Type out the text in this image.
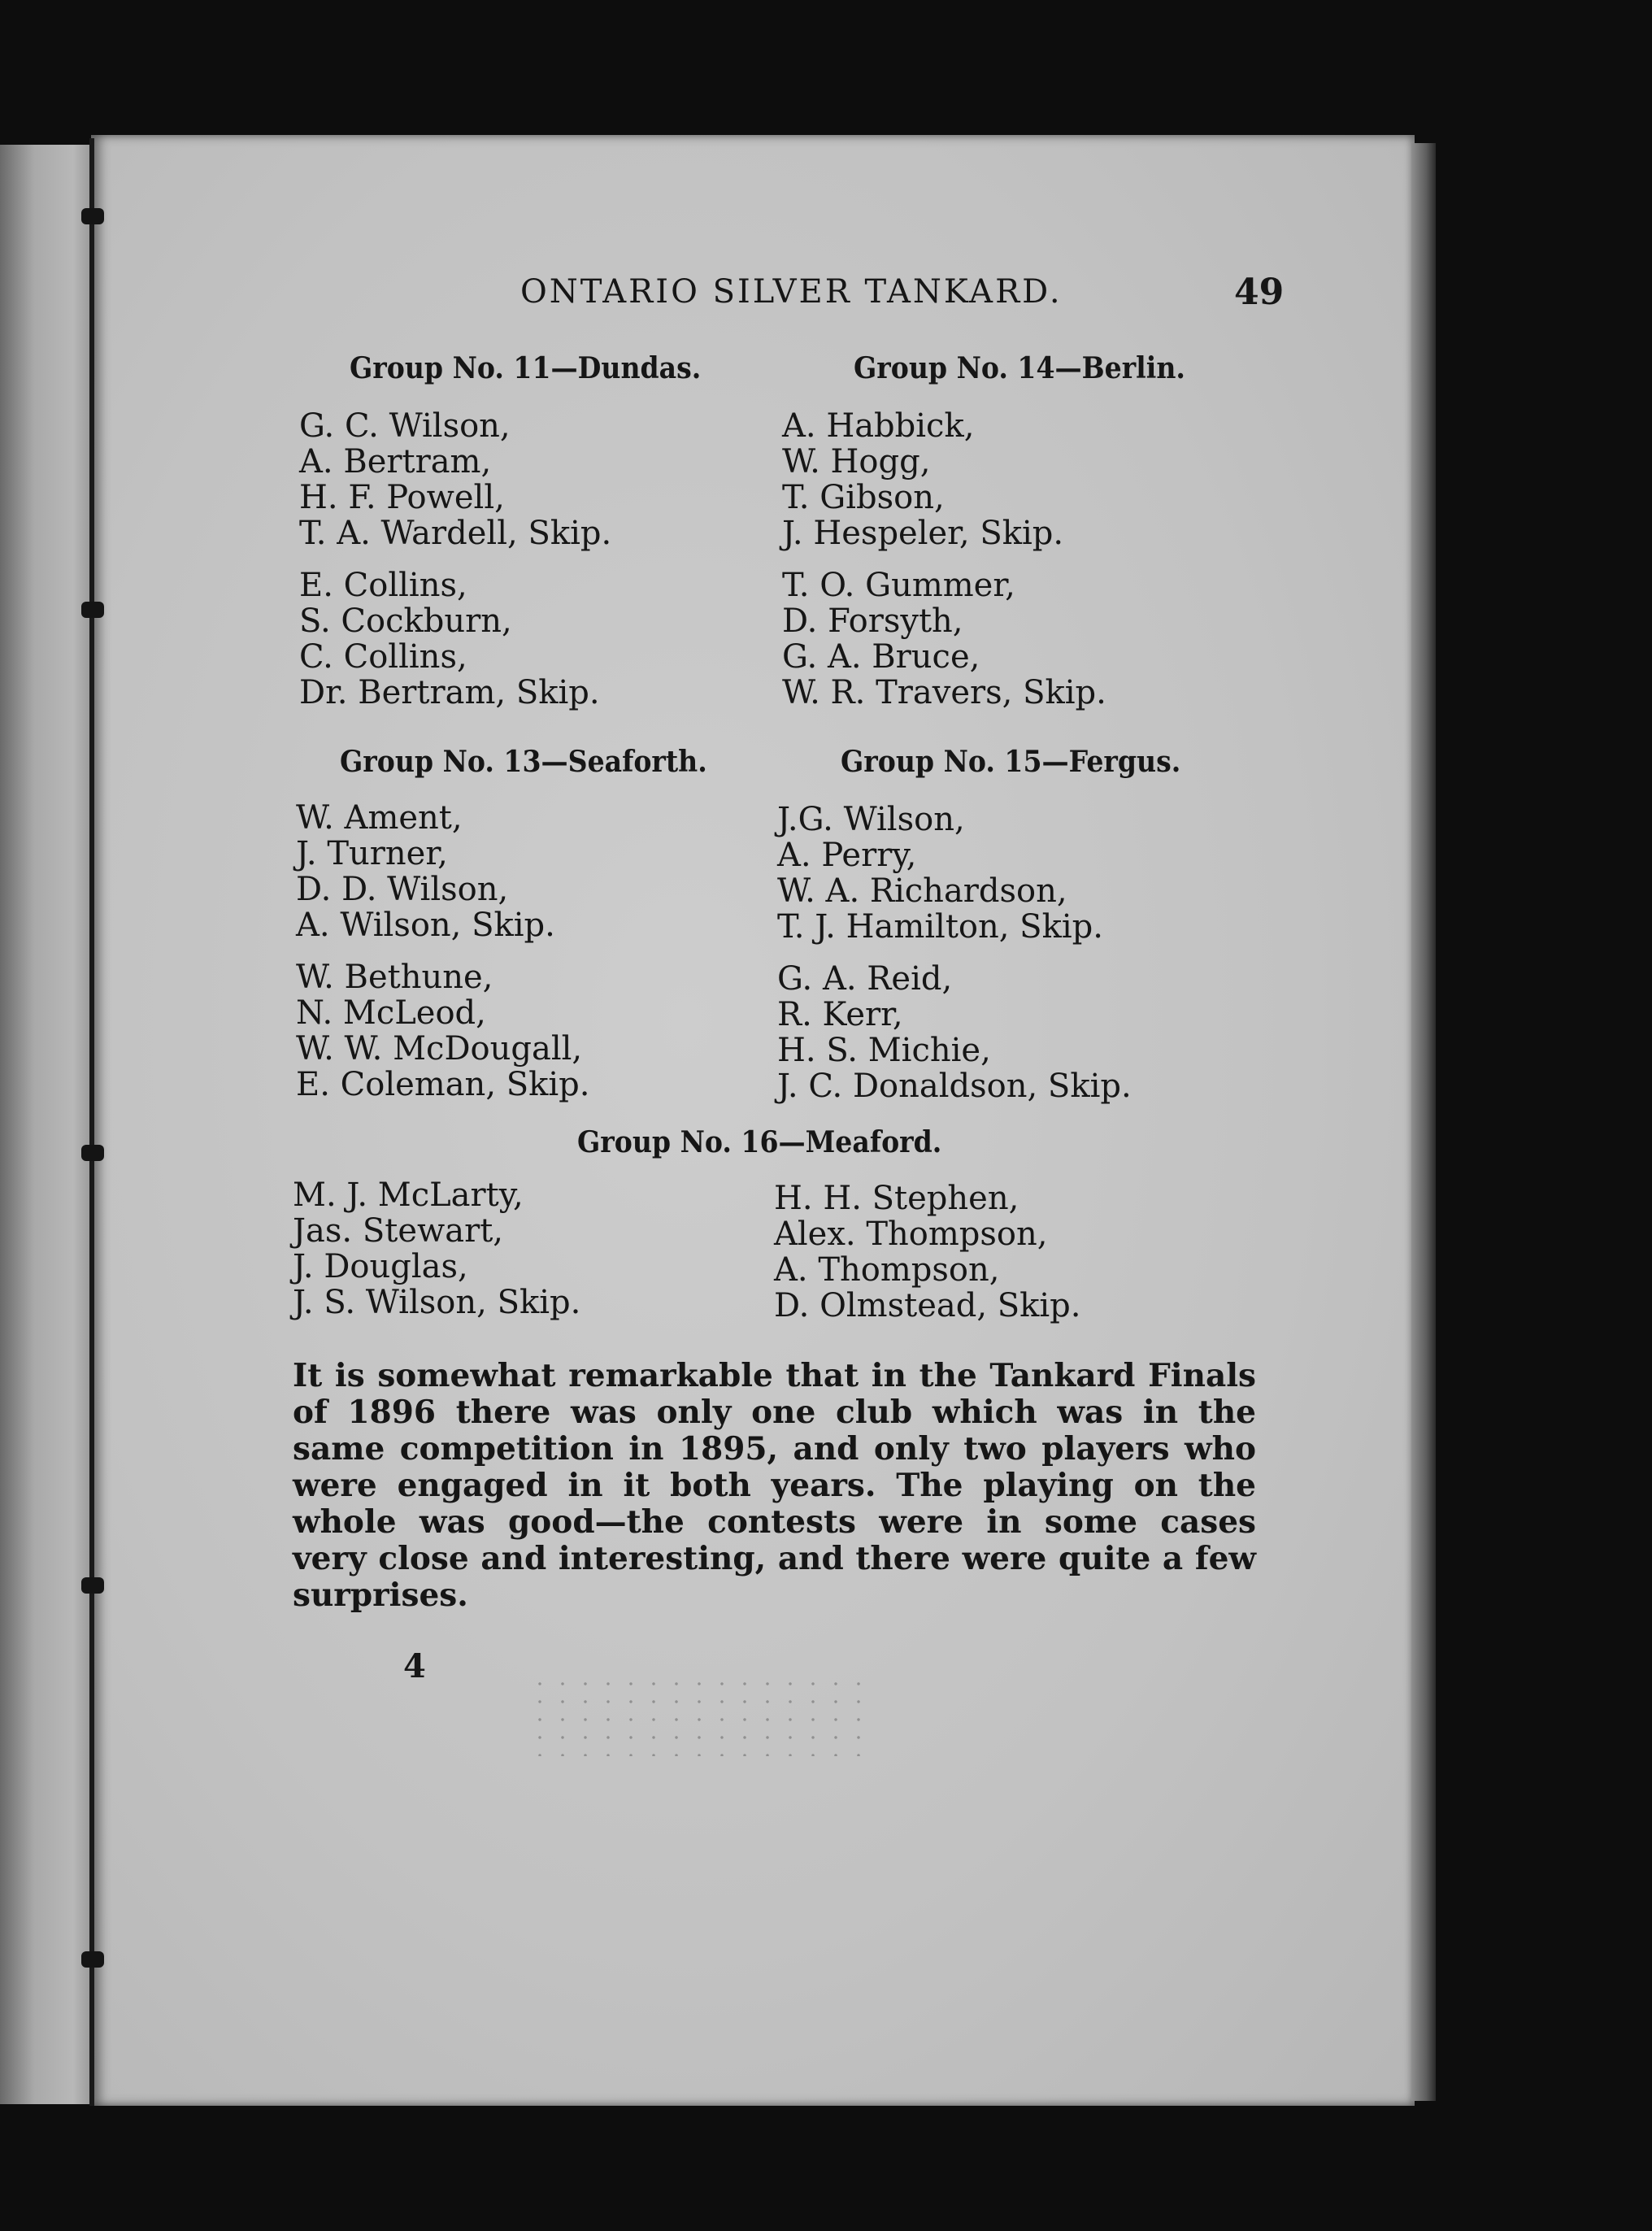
ONTARIO SILVER TANKARD.	49
Group No. 11—Dundas.
G. C. Wilson,
A. Bertram,
H. F. Powell,
T. A. Wardell, Skip.
E. Collins,
S. Cockburn,
C. Collins,
Dr. Bertram, Skip.
Group No. 14—Berlin.
A. Habbick,
W. Hogg,
T. Gibson,
J. Hespeler, Skip.
T. O. Gummer,
D. Forsyth,
G. A. Bruce,
W. R. Travers, Skip.
Group No. 13—Seaforth.
W. Ament,
J. Turner,
D. D. Wilson,
A. Wilson, Skip.
W. Bethune,
N. McLeod,
W. W. McDougall,
E. Coleman, Skip.
Group No. 15—Fergus.
J.G. Wilson,
A. Perry,
W. A. Richardson,
T. J. Hamilton, Skip.
G. A. Reid,
R. Kerr,
H. S. Michie,
J. C. Donaldson, Skip.
Group No. 16—Meaford.
M. J. McLarty,
Jas. Stewart,
J. Douglas,
J. S. Wilson, Skip.
H. H. Stephen,
Alex. Thompson,
A. Thompson,
D. Olmstead, Skip.

It is somewhat remarkable that in the Tankard Finals of 1896 there was only one club which was in the same competition in 1895, and only two players who were engaged in it both years. The playing on the whole was good—the contests were in some cases very close and interesting, and there were quite a few surprises.

4
